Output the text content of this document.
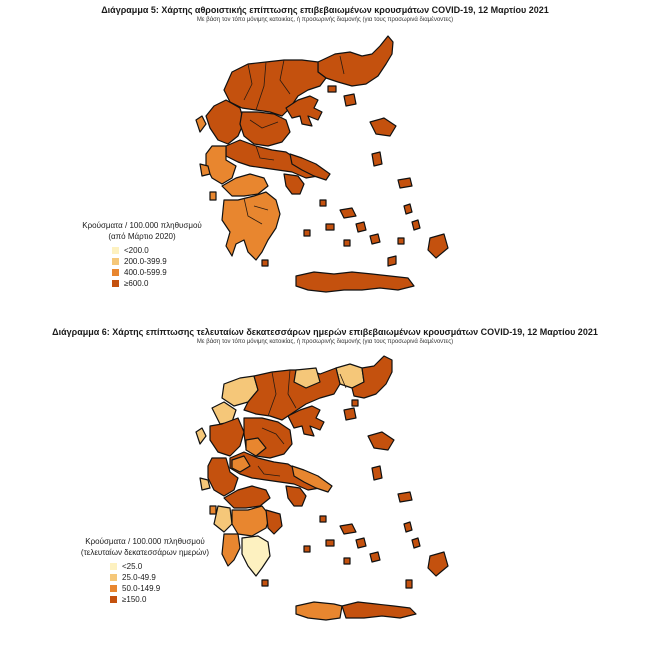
Διάγραμμα 5: Χάρτης αθροιστικής επίπτωσης επιβεβαιωμένων κρουσμάτων COVID-19, 12 Μαρτίου 2021
Με βάση τον τόπο μόνιμης κατοικίας, ή προσωρινής διαμονής (για τους προσωρινά διαμένοντες)
Κρούσματα / 100.000 πληθυσμού
(από Μάρτιο 2020)
<200.0
200.0-399.9
400.0-599.9
≥600.0
Διάγραμμα 6: Χάρτης επίπτωσης τελευταίων δεκατεσσάρων ημερών επιβεβαιωμένων κρουσμάτων COVID-19, 12 Μαρτίου 2021
Με βάση τον τόπο μόνιμης κατοικίας, ή προσωρινής διαμονής (για τους προσωρινά διαμένοντες)
Κρούσματα / 100.000 πληθυσμού
(τελευταίων δεκατεσσάρων ημερών)
<25.0
25.0-49.9
50.0-149.9
≥150.0
